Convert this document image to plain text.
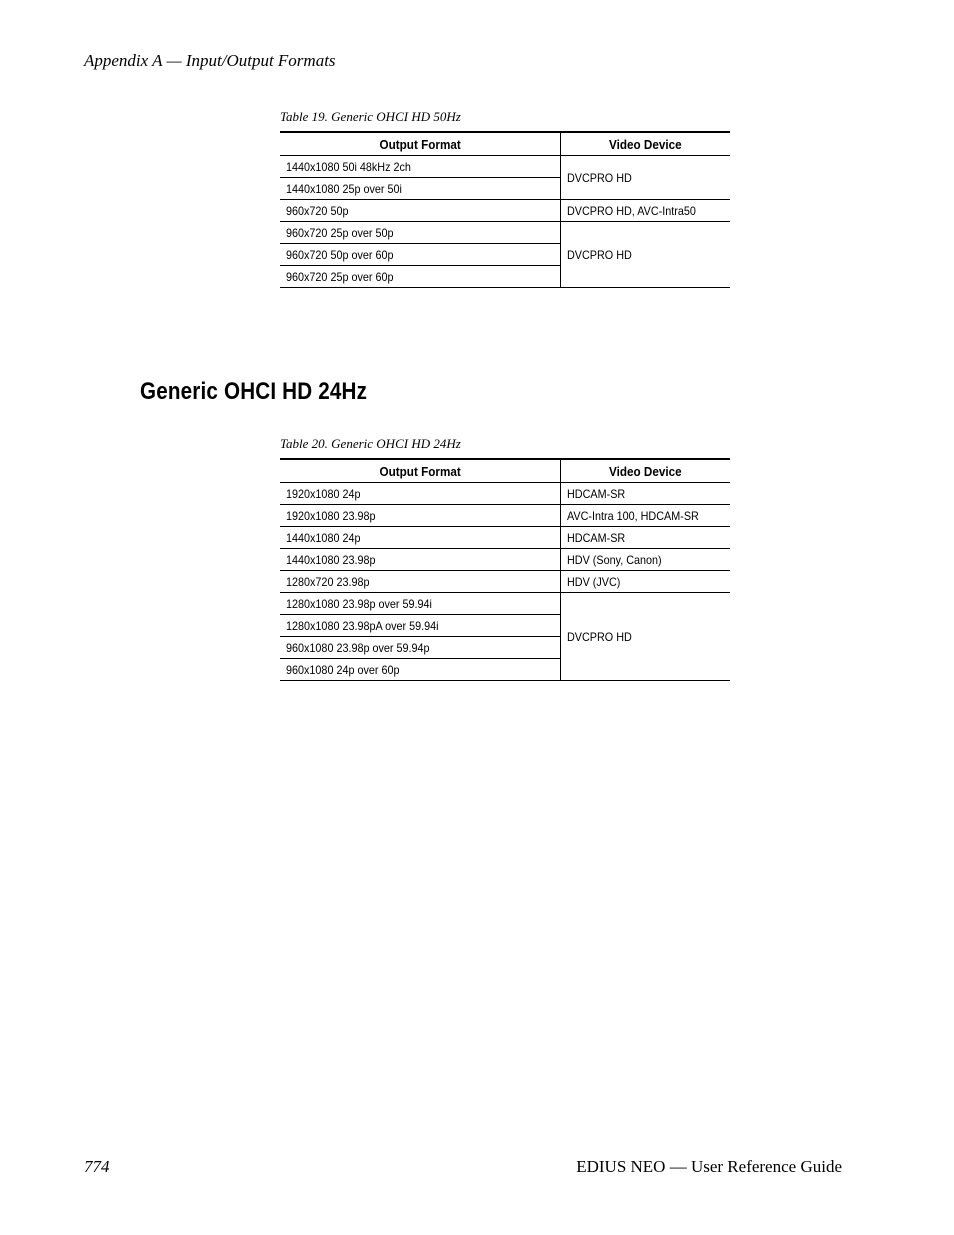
Appendix A — Input/Output Formats
Table 19. Generic OHCI HD 50Hz
Output Format	Video Device
1440x1080 50i 48kHz 2ch	DVCPRO HD
1440x1080 25p over 50i	
960x720 50p	DVCPRO HD, AVC-Intra50
960x720 25p over 50p	DVCPRO HD
960x720 50p over 60p	
960x720 25p over 60p	
Generic OHCI HD 24Hz
Table 20. Generic OHCI HD 24Hz
Output Format	Video Device
1920x1080 24p	HDCAM-SR
1920x1080 23.98p	AVC-Intra 100, HDCAM-SR
1440x1080 24p	HDCAM-SR
1440x1080 23.98p	HDV (Sony, Canon)
1280x720 23.98p	HDV (JVC)
1280x1080 23.98p over 59.94i	DVCPRO HD
1280x1080 23.98pA over 59.94i	
960x1080 23.98p over 59.94p	
960x1080 24p over 60p	
774	EDIUS NEO — User Reference Guide
